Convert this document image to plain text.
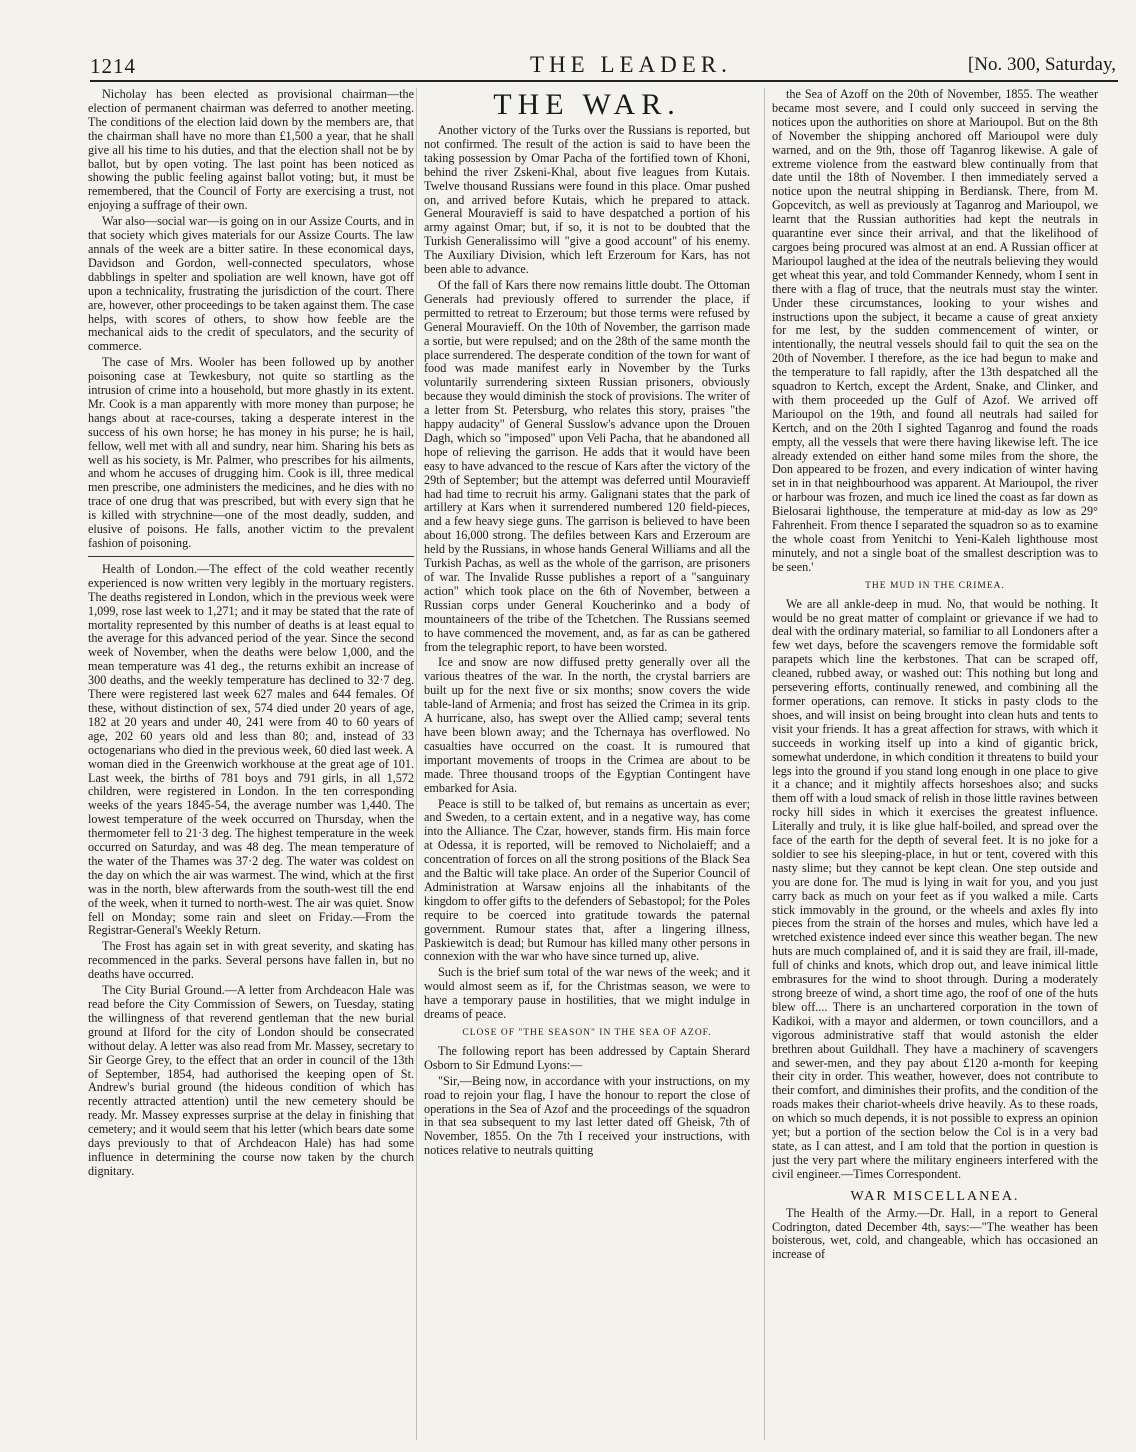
1214	THE LEADER.	[No. 300, Saturday,

Nicholay has been elected as provisional chairman—the election of permanent chairman was deferred to another meeting. The conditions of the election laid down by the members are, that the chairman shall have no more than £1,500 a year, that he shall give all his time to his duties, and that the election shall not be by ballot, but by open voting. The last point has been noticed as showing the public feeling against ballot voting; but, it must be remembered, that the Council of Forty are exercising a trust, not enjoying a suffrage of their own.

War also—social war—is going on in our Assize Courts, and in that society which gives materials for our Assize Courts. The law annals of the week are a bitter satire. In these economical days, Davidson and Gordon, well-connected speculators, whose dabblings in spelter and spoliation are well known, have got off upon a technicality, frustrating the jurisdiction of the court. There are, however, other proceedings to be taken against them. The case helps, with scores of others, to show how feeble are the mechanical aids to the credit of speculators, and the security of commerce.

The case of Mrs. Wooler has been followed up by another poisoning case at Tewkesbury, not quite so startling as the intrusion of crime into a household, but more ghastly in its extent. Mr. Cook is a man apparently with more money than purpose; he hangs about at race-courses, taking a desperate interest in the success of his own horse; he has money in his purse; he is hail, fellow, well met with all and sundry, near him. Sharing his bets as well as his society, is Mr. Palmer, who prescribes for his ailments, and whom he accuses of drugging him. Cook is ill, three medical men prescribe, one administers the medicines, and he dies with no trace of one drug that was prescribed, but with every sign that he is killed with strychnine—one of the most deadly, sudden, and elusive of poisons. He falls, another victim to the prevalent fashion of poisoning.

Health of London.—The effect of the cold weather recently experienced is now written very legibly in the mortuary registers. The deaths registered in London, which in the previous week were 1,099, rose last week to 1,271; and it may be stated that the rate of mortality represented by this number of deaths is at least equal to the average for this advanced period of the year. Since the second week of November, when the deaths were below 1,000, and the mean temperature was 41 deg., the returns exhibit an increase of 300 deaths, and the weekly temperature has declined to 32·7 deg. There were registered last week 627 males and 644 females. Of these, without distinction of sex, 574 died under 20 years of age, 182 at 20 years and under 40, 241 were from 40 to 60 years of age, 202 60 years old and less than 80; and, instead of 33 octogenarians who died in the previous week, 60 died last week. A woman died in the Greenwich workhouse at the great age of 101. Last week, the births of 781 boys and 791 girls, in all 1,572 children, were registered in London. In the ten corresponding weeks of the years 1845-54, the average number was 1,440. The lowest temperature of the week occurred on Thursday, when the thermometer fell to 21·3 deg. The highest temperature in the week occurred on Saturday, and was 48 deg. The mean temperature of the water of the Thames was 37·2 deg. The water was coldest on the day on which the air was warmest. The wind, which at the first was in the north, blew afterwards from the south-west till the end of the week, when it turned to north-west. The air was quiet. Snow fell on Monday; some rain and sleet on Friday.—From the Registrar-General's Weekly Return.

The Frost has again set in with great severity, and skating has recommenced in the parks. Several persons have fallen in, but no deaths have occurred.

The City Burial Ground.—A letter from Archdeacon Hale was read before the City Commission of Sewers, on Tuesday, stating the willingness of that reverend gentleman that the new burial ground at Ilford for the city of London should be consecrated without delay. A letter was also read from Mr. Massey, secretary to Sir George Grey, to the effect that an order in council of the 13th of September, 1854, had authorised the keeping open of St. Andrew's burial ground (the hideous condition of which has recently attracted attention) until the new cemetery should be ready. Mr. Massey expresses surprise at the delay in finishing that cemetery; and it would seem that his letter (which bears date some days previously to that of Archdeacon Hale) has had some influence in determining the course now taken by the church dignitary.

THE WAR.

Another victory of the Turks over the Russians is reported, but not confirmed. The result of the action is said to have been the taking possession by Omar Pacha of the fortified town of Khoni, behind the river Zskeni-Khal, about five leagues from Kutais. Twelve thousand Russians were found in this place. Omar pushed on, and arrived before Kutais, which he prepared to attack. General Mouravieff is said to have despatched a portion of his army against Omar; but, if so, it is not to be doubted that the Turkish Generalissimo will "give a good account" of his enemy. The Auxiliary Division, which left Erzeroum for Kars, has not been able to advance.

Of the fall of Kars there now remains little doubt. The Ottoman Generals had previously offered to surrender the place, if permitted to retreat to Erzeroum; but those terms were refused by General Mouravieff. On the 10th of November, the garrison made a sortie, but were repulsed; and on the 28th of the same month the place surrendered. The desperate condition of the town for want of food was made manifest early in November by the Turks voluntarily surrendering sixteen Russian prisoners, obviously because they would diminish the stock of provisions. The writer of a letter from St. Petersburg, who relates this story, praises "the happy audacity" of General Susslow's advance upon the Drouen Dagh, which so "imposed" upon Veli Pacha, that he abandoned all hope of relieving the garrison. He adds that it would have been easy to have advanced to the rescue of Kars after the victory of the 29th of September; but the attempt was deferred until Mouravieff had had time to recruit his army. Galignani states that the park of artillery at Kars when it surrendered numbered 120 field-pieces, and a few heavy siege guns. The garrison is believed to have been about 16,000 strong. The defiles between Kars and Erzeroum are held by the Russians, in whose hands General Williams and all the Turkish Pachas, as well as the whole of the garrison, are prisoners of war. The Invalide Russe publishes a report of a "sanguinary action" which took place on the 6th of November, between a Russian corps under General Koucherinko and a body of mountaineers of the tribe of the Tchetchen. The Russians seemed to have commenced the movement, and, as far as can be gathered from the telegraphic report, to have been worsted.

Ice and snow are now diffused pretty generally over all the various theatres of the war. In the north, the crystal barriers are built up for the next five or six months; snow covers the wide table-land of Armenia; and frost has seized the Crimea in its grip. A hurricane, also, has swept over the Allied camp; several tents have been blown away; and the Tchernaya has overflowed. No casualties have occurred on the coast. It is rumoured that important movements of troops in the Crimea are about to be made. Three thousand troops of the Egyptian Contingent have embarked for Asia.

Peace is still to be talked of, but remains as uncertain as ever; and Sweden, to a certain extent, and in a negative way, has come into the Alliance. The Czar, however, stands firm. His main force at Odessa, it is reported, will be removed to Nicholaieff; and a concentration of forces on all the strong positions of the Black Sea and the Baltic will take place. An order of the Superior Council of Administration at Warsaw enjoins all the inhabitants of the kingdom to offer gifts to the defenders of Sebastopol; for the Poles require to be coerced into gratitude towards the paternal government. Rumour states that, after a lingering illness, Paskiewitch is dead; but Rumour has killed many other persons in connexion with the war who have since turned up, alive.

Such is the brief sum total of the war news of the week; and it would almost seem as if, for the Christmas season, we were to have a temporary pause in hostilities, that we might indulge in dreams of peace.

CLOSE OF "THE SEASON" IN THE SEA OF AZOF.

The following report has been addressed by Captain Sherard Osborn to Sir Edmund Lyons:—

"Sir,—Being now, in accordance with your instructions, on my road to rejoin your flag, I have the honour to report the close of operations in the Sea of Azof and the proceedings of the squadron in that sea subsequent to my last letter dated off Gheisk, 7th of November, 1855. On the 7th I received your instructions, with notices relative to neutrals quitting

the Sea of Azoff on the 20th of November, 1855. The weather became most severe, and I could only succeed in serving the notices upon the authorities on shore at Marioupol. But on the 8th of November the shipping anchored off Marioupol were duly warned, and on the 9th, those off Taganrog likewise. A gale of extreme violence from the eastward blew continually from that date until the 18th of November. I then immediately served a notice upon the neutral shipping in Berdiansk. There, from M. Gopcevitch, as well as previously at Taganrog and Marioupol, we learnt that the Russian authorities had kept the neutrals in quarantine ever since their arrival, and that the likelihood of cargoes being procured was almost at an end. A Russian officer at Marioupol laughed at the idea of the neutrals believing they would get wheat this year, and told Commander Kennedy, whom I sent in there with a flag of truce, that the neutrals must stay the winter. Under these circumstances, looking to your wishes and instructions upon the subject, it became a cause of great anxiety for me lest, by the sudden commencement of winter, or intentionally, the neutral vessels should fail to quit the sea on the 20th of November. I therefore, as the ice had begun to make and the temperature to fall rapidly, after the 13th despatched all the squadron to Kertch, except the Ardent, Snake, and Clinker, and with them proceeded up the Gulf of Azof. We arrived off Marioupol on the 19th, and found all neutrals had sailed for Kertch, and on the 20th I sighted Taganrog and found the roads empty, all the vessels that were there having likewise left. The ice already extended on either hand some miles from the shore, the Don appeared to be frozen, and every indication of winter having set in in that neighbourhood was apparent. At Marioupol, the river or harbour was frozen, and much ice lined the coast as far down as Bielosarai lighthouse, the temperature at mid-day as low as 29° Fahrenheit. From thence I separated the squadron so as to examine the whole coast from Yenitchi to Yeni-Kaleh lighthouse most minutely, and not a single boat of the smallest description was to be seen.'

THE MUD IN THE CRIMEA.

We are all ankle-deep in mud. No, that would be nothing. It would be no great matter of complaint or grievance if we had to deal with the ordinary material, so familiar to all Londoners after a few wet days, before the scavengers remove the formidable soft parapets which line the kerbstones. That can be scraped off, cleaned, rubbed away, or washed out: This nothing but long and persevering efforts, continually renewed, and combining all the former operations, can remove. It sticks in pasty clods to the shoes, and will insist on being brought into clean huts and tents to visit your friends. It has a great affection for straws, with which it succeeds in working itself up into a kind of gigantic brick, somewhat underdone, in which condition it threatens to build your legs into the ground if you stand long enough in one place to give it a chance; and it mightily affects horseshoes also; and sucks them off with a loud smack of relish in those little ravines between rocky hill sides in which it exercises the greatest influence. Literally and truly, it is like glue half-boiled, and spread over the face of the earth for the depth of several feet. It is no joke for a soldier to see his sleeping-place, in hut or tent, covered with this nasty slime; but they cannot be kept clean. One step outside and you are done for. The mud is lying in wait for you, and you just carry back as much on your feet as if you walked a mile. Carts stick immovably in the ground, or the wheels and axles fly into pieces from the strain of the horses and mules, which have led a wretched existence indeed ever since this weather began. The new huts are much complained of, and it is said they are frail, ill-made, full of chinks and knots, which drop out, and leave inimical little embrasures for the wind to shoot through. During a moderately strong breeze of wind, a short time ago, the roof of one of the huts blew off.... There is an unchartered corporation in the town of Kadikoi, with a mayor and aldermen, or town councillors, and a vigorous administrative staff that would astonish the elder brethren about Guildhall. They have a machinery of scavengers and sewer-men, and they pay about £120 a-month for keeping their city in order. This weather, however, does not contribute to their comfort, and diminishes their profits, and the condition of the roads makes their chariot-wheels drive heavily. As to these roads, on which so much depends, it is not possible to express an opinion yet; but a portion of the section below the Col is in a very bad state, as I can attest, and I am told that the portion in question is just the very part where the military engineers interfered with the civil engineer.—Times Correspondent.

WAR MISCELLANEA.

The Health of the Army.—Dr. Hall, in a report to General Codrington, dated December 4th, says:—"The weather has been boisterous, wet, cold, and changeable, which has occasioned an increase of
